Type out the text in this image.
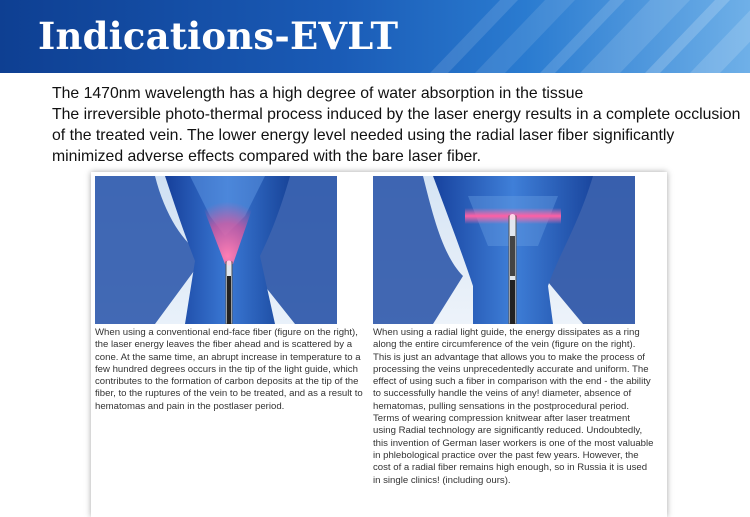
Indications-EVLT

The 1470nm wavelength has a high degree of water absorption in the tissue

The irreversible photo-thermal process induced by the laser energy results in a complete occlusion of the treated vein. The lower energy level needed using the radial laser fiber significantly minimized adverse effects compared with the bare laser fiber.

When using a conventional end-face fiber (figure on the right), the laser energy leaves the fiber ahead and is scattered by a cone. At the same time, an abrupt increase in temperature to a few hundred degrees occurs in the tip of the light guide, which contributes to the formation of carbon deposits at the tip of the fiber, to the ruptures of the vein to be treated, and as a result to hematomas and pain in the postlaser period.

When using a radial light guide, the energy dissipates as a ring along the entire circumference of the vein (figure on the right). This is just an advantage that allows you to make the process of processing the veins unprecedentedly accurate and uniform. The effect of using such a fiber in comparison with the end - the ability to successfully handle the veins of any! diameter, absence of hematomas, pulling sensations in the postprocedural period. Terms of wearing compression knitwear after laser treatment using Radial technology are significantly reduced. Undoubtedly, this invention of German laser workers is one of the most valuable in phlebological practice over the past few years. However, the cost of a radial fiber remains high enough, so in Russia it is used in single clinics! (including ours).
